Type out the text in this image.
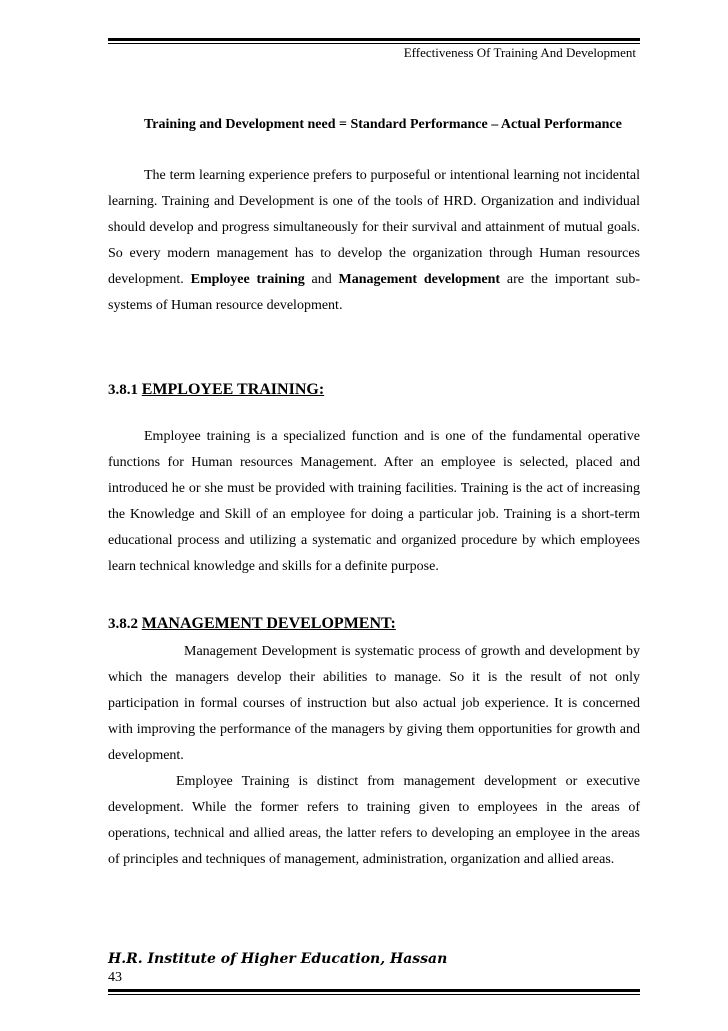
Effectiveness Of Training And Development

Training and Development need = Standard Performance – Actual Performance

The term learning experience prefers to purposeful or intentional learning not incidental learning. Training and Development is one of the tools of HRD. Organization and individual should develop and progress simultaneously for their survival and attainment of mutual goals. So every modern management has to develop the organization through Human resources development. Employee training and Management development are the important sub-systems of Human resource development.

3.8.1 EMPLOYEE TRAINING:

Employee training is a specialized function and is one of the fundamental operative functions for Human resources Management. After an employee is selected, placed and introduced he or she must be provided with training facilities. Training is the act of increasing the Knowledge and Skill of an employee for doing a particular job. Training is a short-term educational process and utilizing a systematic and organized procedure by which employees learn technical knowledge and skills for a definite purpose.

3.8.2 MANAGEMENT DEVELOPMENT:

Management Development is systematic process of growth and development by which the managers develop their abilities to manage. So it is the result of not only participation in formal courses of instruction but also actual job experience. It is concerned with improving the performance of the managers by giving them opportunities for growth and development.

Employee Training is distinct from management development or executive development. While the former refers to training given to employees in the areas of operations, technical and allied areas, the latter refers to developing an employee in the areas of principles and techniques of management, administration, organization and allied areas.

H.R. Institute of Higher Education, Hassan
43
